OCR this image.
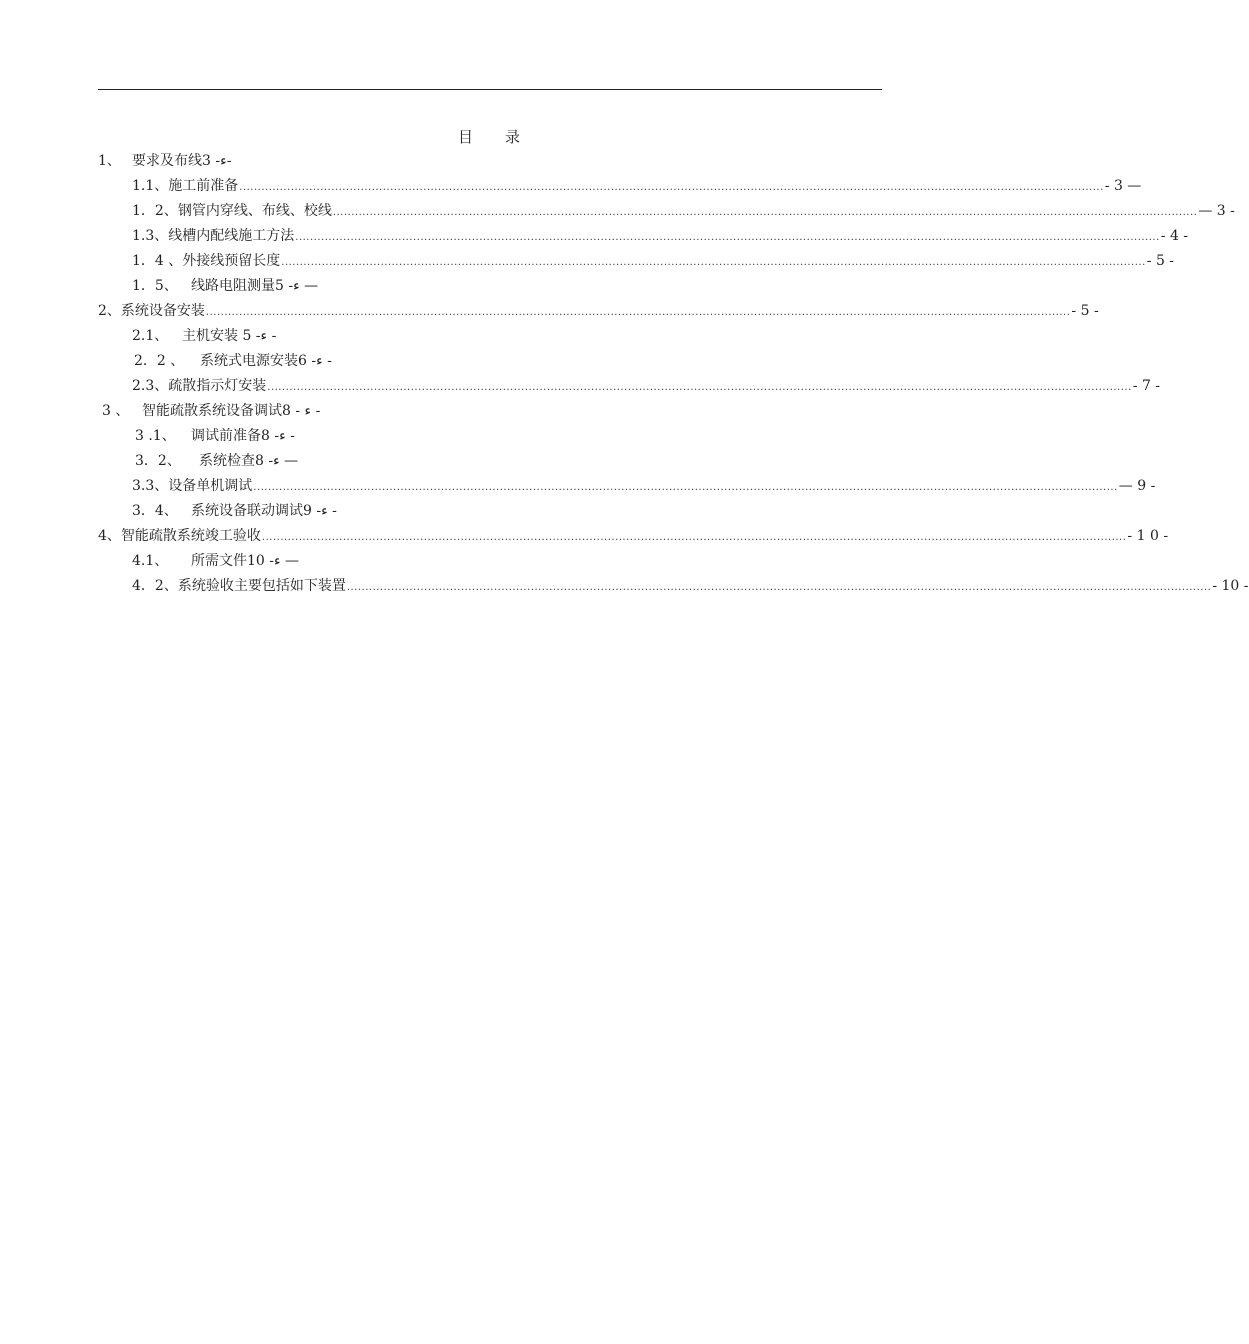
目 录
1、 要求及布线3 -ء-
1.1、 施工前准备 ........................................................................................................................................................................................................................................... - 3 —
1．2、 钢管内穿线、布线、校线 ........................................................................................................................................................................................................................................... — 3 -
1.3、 线槽内配线施工方法 ........................................................................................................................................................................................................................................... - 4 -
1．4 、 外接线预留长度 ........................................................................................................................................................................................................................................... - 5 -
1．5、 线路电阻测量5 -ء —
2、 系统设备安装 ........................................................................................................................................................................................................................................... - 5 -
2.1、 主机安装 5 -ء -
2．2 、	系统式电源安装6 -ء -
2.3、 疏散指示灯安装 ........................................................................................................................................................................................................................................... - 7 -
3 、 智能疏散系统设备调试8 - ء -
3 .1、	调试前准备8 -ء -
3．2、	系统检查8 -ء —
3.3、 设备单机调试 ........................................................................................................................................................................................................................................... — 9 -
3．4、 系统设备联动调试9 -ء -
4、 智能疏散系统竣工验收 ........................................................................................................................................................................................................................................... - 1 0 -
4.1、	所需文件10 -ء —
4．2、 系统验收主要包括如下装置 ........................................................................................................................................................................................................................................... - 10 -
